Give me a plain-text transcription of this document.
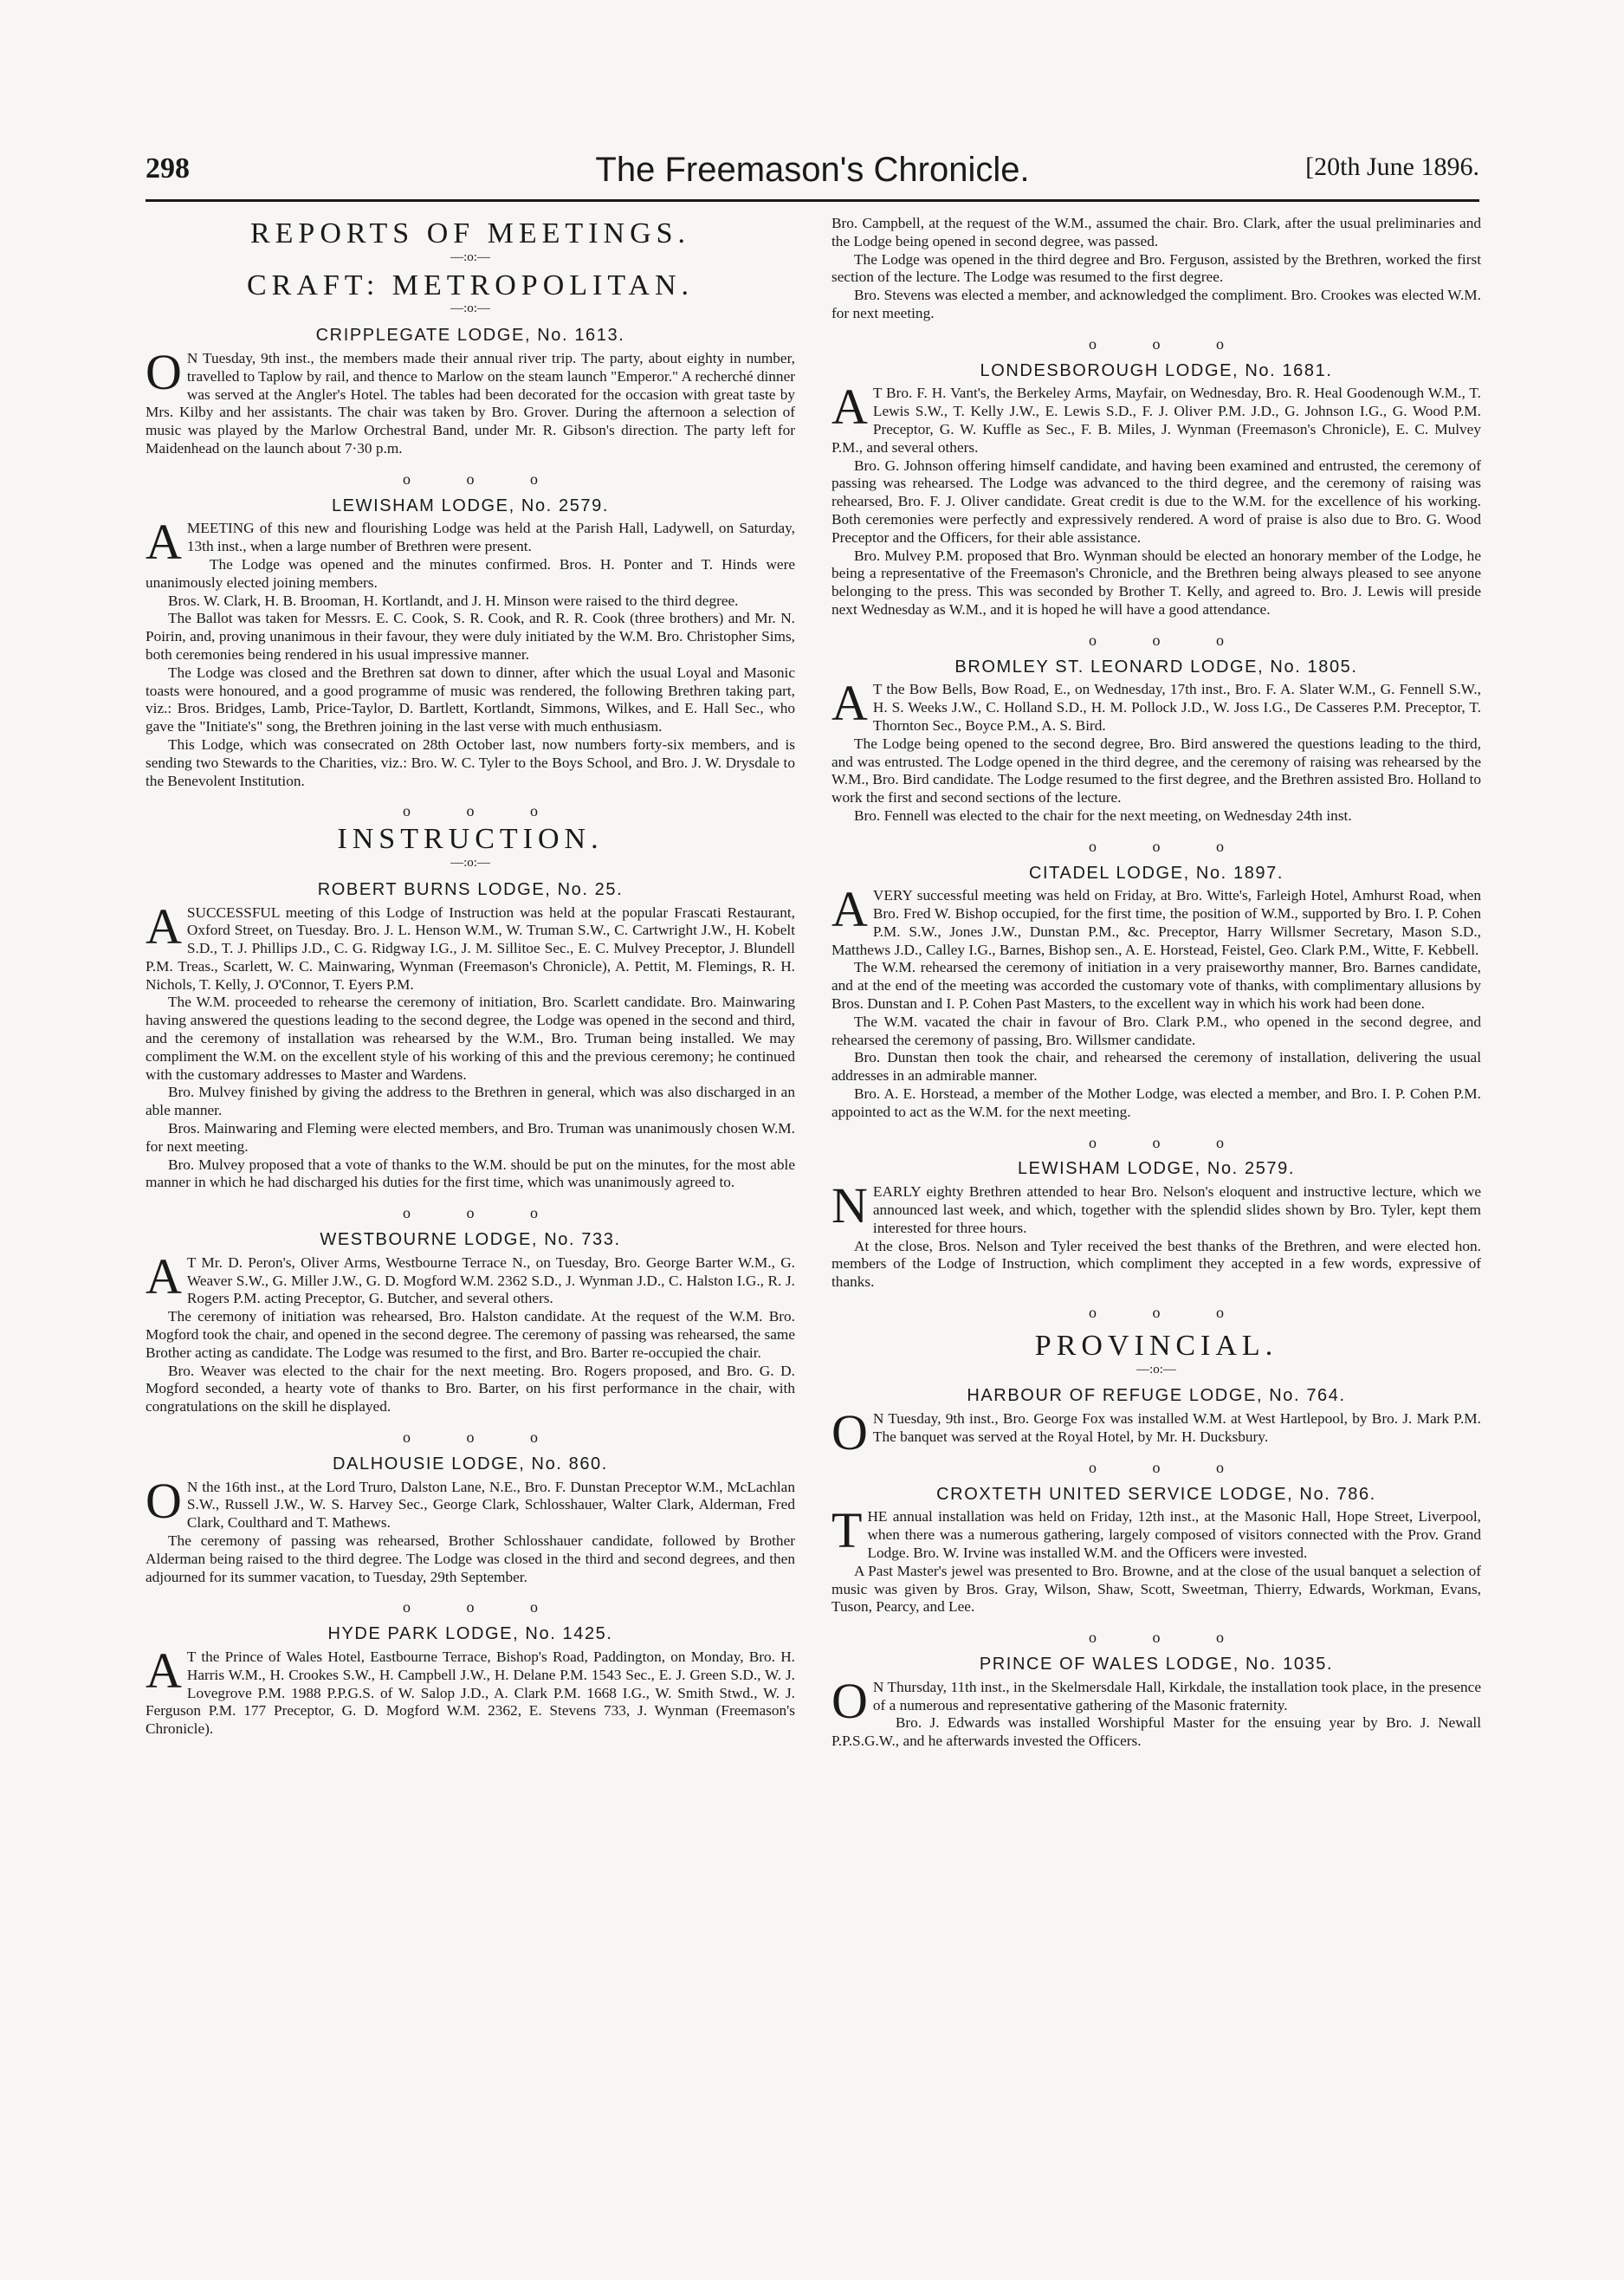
298	The Freemason's Chronicle.	[20th June 1896.
REPORTS OF MEETINGS.
—:o:—
CRAFT: METROPOLITAN.
—:o:—
CRIPPLEGATE LODGE, No. 1613.

O N Tuesday, 9th inst., the members made their annual river trip. The party, about eighty in number, travelled to Taplow by rail, and thence to Marlow on the steam launch "Emperor." A recherché dinner was served at the Angler's Hotel. The tables had been decorated for the occasion with great taste by Mrs. Kilby and her assistants. The chair was taken by Bro. Grover. During the afternoon a selection of music was played by the Marlow Orchestral Band, under Mr. R. Gibson's direction. The party left for Maidenhead on the launch about 7·30 p.m.

o o o
LEWISHAM LODGE, No. 2579.

AMEETING of this new and flourishing Lodge was held at the Parish Hall, Ladywell, on Saturday, 13th inst., when a large number of Brethren were present.

The Lodge was opened and the minutes confirmed. Bros. H. Ponter and T. Hinds were unanimously elected joining members.

Bros. W. Clark, H. B. Brooman, H. Kortlandt, and J. H. Minson were raised to the third degree.

The Ballot was taken for Messrs. E. C. Cook, S. R. Cook, and R. R. Cook (three brothers) and Mr. N. Poirin, and, proving unanimous in their favour, they were duly initiated by the W.M. Bro. Christopher Sims, both ceremonies being rendered in his usual impressive manner.

The Lodge was closed and the Brethren sat down to dinner, after which the usual Loyal and Masonic toasts were honoured, and a good programme of music was rendered, the following Brethren taking part, viz.: Bros. Bridges, Lamb, Price-Taylor, D. Bartlett, Kortlandt, Simmons, Wilkes, and E. Hall Sec., who gave the "Initiate's" song, the Brethren joining in the last verse with much enthusiasm.

This Lodge, which was consecrated on 28th October last, now numbers forty-six members, and is sending two Stewards to the Charities, viz.: Bro. W. C. Tyler to the Boys School, and Bro. J. W. Drysdale to the Benevolent Institution.

o o o
INSTRUCTION.
—:o:—
ROBERT BURNS LODGE, No. 25.

ASUCCESSFUL meeting of this Lodge of Instruction was held at the popular Frascati Restaurant, Oxford Street, on Tuesday. Bro. J. L. Henson W.M., W. Truman S.W., C. Cartwright J.W., H. Kobelt S.D., T. J. Phillips J.D., C. G. Ridgway I.G., J. M. Sillitoe Sec., E. C. Mulvey Preceptor, J. Blundell P.M. Treas., Scarlett, W. C. Mainwaring, Wynman (Freemason's Chronicle), A. Pettit, M. Flemings, R. H. Nichols, T. Kelly, J. O'Connor, T. Eyers P.M.

The W.M. proceeded to rehearse the ceremony of initiation, Bro. Scarlett candidate. Bro. Mainwaring having answered the questions leading to the second degree, the Lodge was opened in the second and third, and the ceremony of installation was rehearsed by the W.M., Bro. Truman being installed. We may compliment the W.M. on the excellent style of his working of this and the previous ceremony; he continued with the customary addresses to Master and Wardens.

Bro. Mulvey finished by giving the address to the Brethren in general, which was also discharged in an able manner.

Bros. Mainwaring and Fleming were elected members, and Bro. Truman was unanimously chosen W.M. for next meeting.

Bro. Mulvey proposed that a vote of thanks to the W.M. should be put on the minutes, for the most able manner in which he had discharged his duties for the first time, which was unanimously agreed to.

o o o
WESTBOURNE LODGE, No. 733.

A T Mr. D. Peron's, Oliver Arms, Westbourne Terrace N., on Tuesday, Bro. George Barter W.M., G. Weaver S.W., G. Miller J.W., G. D. Mogford W.M. 2362 S.D., J. Wynman J.D., C. Halston I.G., R. J. Rogers P.M. acting Preceptor, G. Butcher, and several others.

The ceremony of initiation was rehearsed, Bro. Halston candidate. At the request of the W.M. Bro. Mogford took the chair, and opened in the second degree. The ceremony of passing was rehearsed, the same Brother acting as candidate. The Lodge was resumed to the first, and Bro. Barter re-occupied the chair.

Bro. Weaver was elected to the chair for the next meeting. Bro. Rogers proposed, and Bro. G. D. Mogford seconded, a hearty vote of thanks to Bro. Barter, on his first performance in the chair, with congratulations on the skill he displayed.

o o o
DALHOUSIE LODGE, No. 860.

O N the 16th inst., at the Lord Truro, Dalston Lane, N.E., Bro. F. Dunstan Preceptor W.M., McLachlan S.W., Russell J.W., W. S. Harvey Sec., George Clark, Schlosshauer, Walter Clark, Alderman, Fred Clark, Coulthard and T. Mathews.

The ceremony of passing was rehearsed, Brother Schlosshauer candidate, followed by Brother Alderman being raised to the third degree. The Lodge was closed in the third and second degrees, and then adjourned for its summer vacation, to Tuesday, 29th September.

o o o
HYDE PARK LODGE, No. 1425.

A T the Prince of Wales Hotel, Eastbourne Terrace, Bishop's Road, Paddington, on Monday, Bro. H. Harris W.M., H. Crookes S.W., H. Campbell J.W., H. Delane P.M. 1543 Sec., E. J. Green S.D., W. J. Lovegrove P.M. 1988 P.P.G.S. of W. Salop J.D., A. Clark P.M. 1668 I.G., W. Smith Stwd., W. J. Ferguson P.M. 177 Preceptor, G. D. Mogford W.M. 2362, E. Stevens 733, J. Wynman (Freemason's Chronicle).

Bro. Campbell, at the request of the W.M., assumed the chair. Bro. Clark, after the usual preliminaries and the Lodge being opened in second degree, was passed.

The Lodge was opened in the third degree and Bro. Ferguson, assisted by the Brethren, worked the first section of the lecture. The Lodge was resumed to the first degree.

Bro. Stevens was elected a member, and acknowledged the compliment. Bro. Crookes was elected W.M. for next meeting.

o o o
LONDESBOROUGH LODGE, No. 1681.

A T Bro. F. H. Vant's, the Berkeley Arms, Mayfair, on Wednesday, Bro. R. Heal Goodenough W.M., T. Lewis S.W., T. Kelly J.W., E. Lewis S.D., F. J. Oliver P.M. J.D., G. Johnson I.G., G. Wood P.M. Preceptor, G. W. Kuffle as Sec., F. B. Miles, J. Wynman (Freemason's Chronicle), E. C. Mulvey P.M., and several others.

Bro. G. Johnson offering himself candidate, and having been examined and entrusted, the ceremony of passing was rehearsed. The Lodge was advanced to the third degree, and the ceremony of raising was rehearsed, Bro. F. J. Oliver candidate. Great credit is due to the W.M. for the excellence of his working. Both ceremonies were perfectly and expressively rendered. A word of praise is also due to Bro. G. Wood Preceptor and the Officers, for their able assistance.

Bro. Mulvey P.M. proposed that Bro. Wynman should be elected an honorary member of the Lodge, he being a representative of the Freemason's Chronicle, and the Brethren being always pleased to see anyone belonging to the press. This was seconded by Brother T. Kelly, and agreed to. Bro. J. Lewis will preside next Wednesday as W.M., and it is hoped he will have a good attendance.

o o o
BROMLEY ST. LEONARD LODGE, No. 1805.

A T the Bow Bells, Bow Road, E., on Wednesday, 17th inst., Bro. F. A. Slater W.M., G. Fennell S.W., H. S. Weeks J.W., C. Holland S.D., H. M. Pollock J.D., W. Joss I.G., De Casseres P.M. Preceptor, T. Thornton Sec., Boyce P.M., A. S. Bird.

The Lodge being opened to the second degree, Bro. Bird answered the questions leading to the third, and was entrusted. The Lodge opened in the third degree, and the ceremony of raising was rehearsed by the W.M., Bro. Bird candidate. The Lodge resumed to the first degree, and the Brethren assisted Bro. Holland to work the first and second sections of the lecture.

Bro. Fennell was elected to the chair for the next meeting, on Wednesday 24th inst.

o o o
CITADEL LODGE, No. 1897.

AVERY successful meeting was held on Friday, at Bro. Witte's, Farleigh Hotel, Amhurst Road, when Bro. Fred W. Bishop occupied, for the first time, the position of W.M., supported by Bro. I. P. Cohen P.M. S.W., Jones J.W., Dunstan P.M., &c. Preceptor, Harry Willsmer Secretary, Mason S.D., Matthews J.D., Calley I.G., Barnes, Bishop sen., A. E. Horstead, Feistel, Geo. Clark P.M., Witte, F. Kebbell.

The W.M. rehearsed the ceremony of initiation in a very praiseworthy manner, Bro. Barnes candidate, and at the end of the meeting was accorded the customary vote of thanks, with complimentary allusions by Bros. Dunstan and I. P. Cohen Past Masters, to the excellent way in which his work had been done.

The W.M. vacated the chair in favour of Bro. Clark P.M., who opened in the second degree, and rehearsed the ceremony of passing, Bro. Willsmer candidate.

Bro. Dunstan then took the chair, and rehearsed the ceremony of installation, delivering the usual addresses in an admirable manner.

Bro. A. E. Horstead, a member of the Mother Lodge, was elected a member, and Bro. I. P. Cohen P.M. appointed to act as the W.M. for the next meeting.

o o o
LEWISHAM LODGE, No. 2579.

NEARLY eighty Brethren attended to hear Bro. Nelson's eloquent and instructive lecture, which we announced last week, and which, together with the splendid slides shown by Bro. Tyler, kept them interested for three hours.

At the close, Bros. Nelson and Tyler received the best thanks of the Brethren, and were elected hon. members of the Lodge of Instruction, which compliment they accepted in a few words, expressive of thanks.

o o o
PROVINCIAL.
—:o:—
HARBOUR OF REFUGE LODGE, No. 764.

O N Tuesday, 9th inst., Bro. George Fox was installed W.M. at West Hartlepool, by Bro. J. Mark P.M. The banquet was served at the Royal Hotel, by Mr. H. Ducksbury.

o o o
CROXTETH UNITED SERVICE LODGE, No. 786.

THE annual installation was held on Friday, 12th inst., at the Masonic Hall, Hope Street, Liverpool, when there was a numerous gathering, largely composed of visitors connected with the Prov. Grand Lodge. Bro. W. Irvine was installed W.M. and the Officers were invested.

A Past Master's jewel was presented to Bro. Browne, and at the close of the usual banquet a selection of music was given by Bros. Gray, Wilson, Shaw, Scott, Sweetman, Thierry, Edwards, Workman, Evans, Tuson, Pearcy, and Lee.

o o o
PRINCE OF WALES LODGE, No. 1035.

O N Thursday, 11th inst., in the Skelmersdale Hall, Kirkdale, the installation took place, in the presence of a numerous and representative gathering of the Masonic fraternity.

Bro. J. Edwards was installed Worshipful Master for the ensuing year by Bro. J. Newall P.P.S.G.W., and he afterwards invested the Officers.
